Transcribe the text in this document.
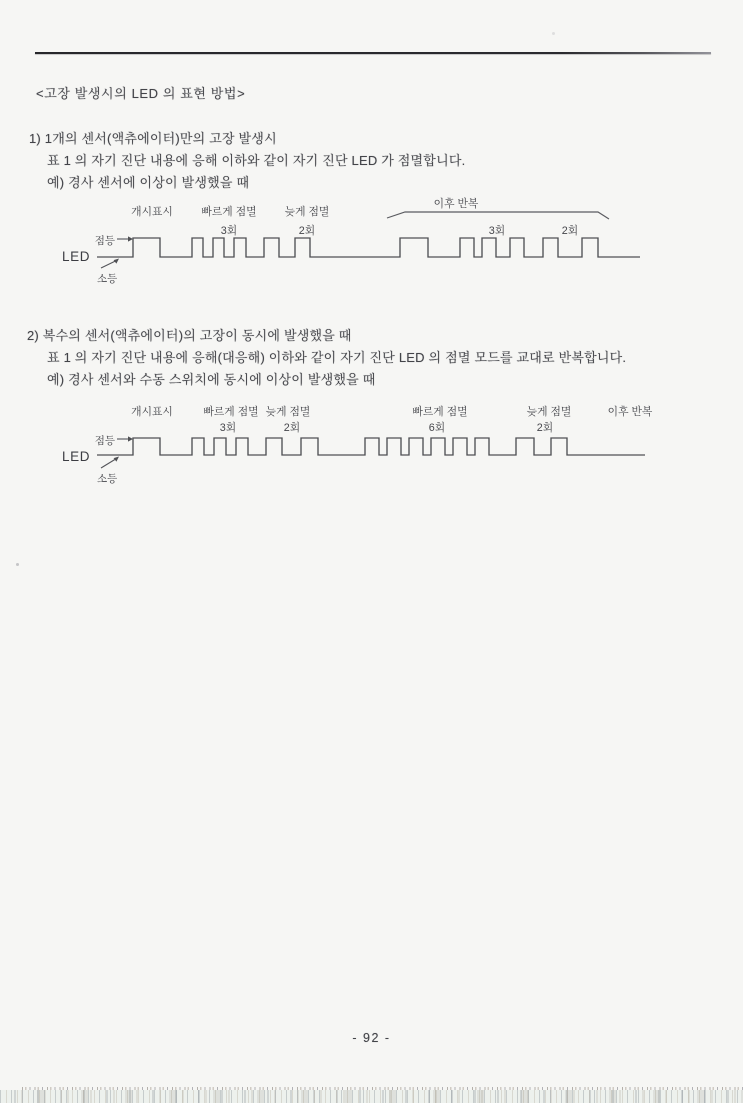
<고장 발생시의 LED 의 표현 방법>
1) 1개의 센서(액츄에이터)만의 고장 발생시
표 1 의 자기 진단 내용에 응해 이하와 같이 자기 진단 LED 가 점멸합니다.
예) 경사 센서에 이상이 발생했을 때
개시표시	빠르게 점멸
3회
늦게 점멸
2회
이후 반복
3회	2회
LED
점등
소등
2) 복수의 센서(액츄에이터)의 고장이 동시에 발생했을 때
표 1 의 자기 진단 내용에 응해(대응해) 이하와 같이 자기 진단 LED 의 점멸 모드를 교대로 반복합니다.
예) 경사 센서와 수동 스위치에 동시에 이상이 발생했을 때
개시표시	빠르게 점멸
3회
늦게 점멸
2회
빠르게 점멸
6회
늦게 점멸
2회
이후 반복
LED
점등
소등
- 92 -
